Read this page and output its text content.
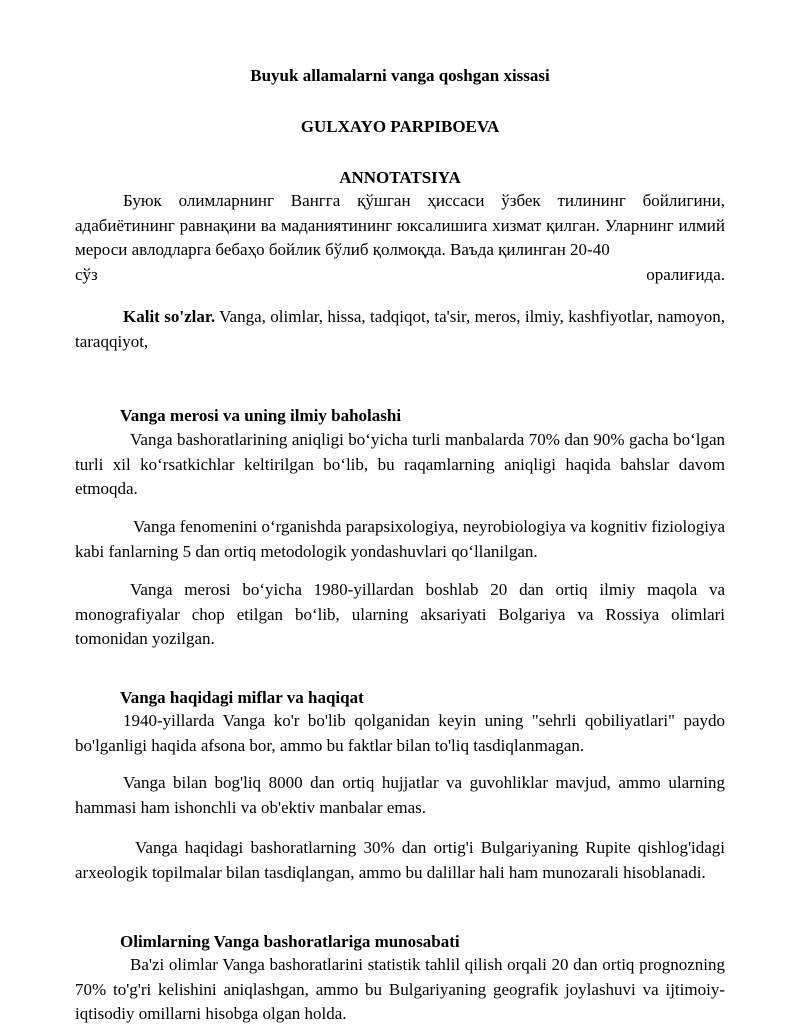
Buyuk allamalarni vanga qoshgan xissasi
GULXAYO PARPIBOEVA
ANNOTATSIYA

Буюк олимларнинг Вангга қўшган ҳиссаси ўзбек тилининг бойлигини, адабиётининг равнақини ва маданиятининг юксалишига хизмат қилган. Уларнинг илмий мероси авлодларга бебаҳо бойлик бўлиб қолмоқда. Ваъда қилинган 20-40

сўз	оралиғида.

Kalit so'zlar. Vanga, olimlar, hissa, tadqiqot, ta'sir, meros, ilmiy, kashfiyotlar, namoyon, taraqqiyot,

Vanga merosi va uning ilmiy baholashi

Vanga bashoratlarining aniqligi bo‘yicha turli manbalarda 70% dan 90% gacha bo‘lgan turli xil ko‘rsatkichlar keltirilgan bo‘lib, bu raqamlarning aniqligi haqida bahslar davom etmoqda.

Vanga fenomenini o‘rganishda parapsixologiya, neyrobiologiya va kognitiv fiziologiya kabi fanlarning 5 dan ortiq metodologik yondashuvlari qo‘llanilgan.

Vanga merosi bo‘yicha 1980-yillardan boshlab 20 dan ortiq ilmiy maqola va monografiyalar chop etilgan bo‘lib, ularning aksariyati Bolgariya va Rossiya olimlari tomonidan yozilgan.

Vanga haqidagi miflar va haqiqat

1940-yillarda Vanga ko'r bo'lib qolganidan keyin uning "sehrli qobiliyatlari" paydo bo'lganligi haqida afsona bor, ammo bu faktlar bilan to'liq tasdiqlanmagan.

Vanga bilan bog'liq 8000 dan ortiq hujjatlar va guvohliklar mavjud, ammo ularning hammasi ham ishonchli va ob'ektiv manbalar emas.

Vanga haqidagi bashoratlarning 30% dan ortig'i Bulgariyaning Rupite qishlog'idagi arxeologik topilmalar bilan tasdiqlangan, ammo bu dalillar hali ham munozarali hisoblanadi.

Olimlarning Vanga bashoratlariga munosabati

Ba'zi olimlar Vanga bashoratlarini statistik tahlil qilish orqali 20 dan ortiq prognozning 70% to'g'ri kelishini aniqlashgan, ammo bu Bulgariyaning geografik joylashuvi va ijtimoiy-iqtisodiy omillarni hisobga olgan holda.
